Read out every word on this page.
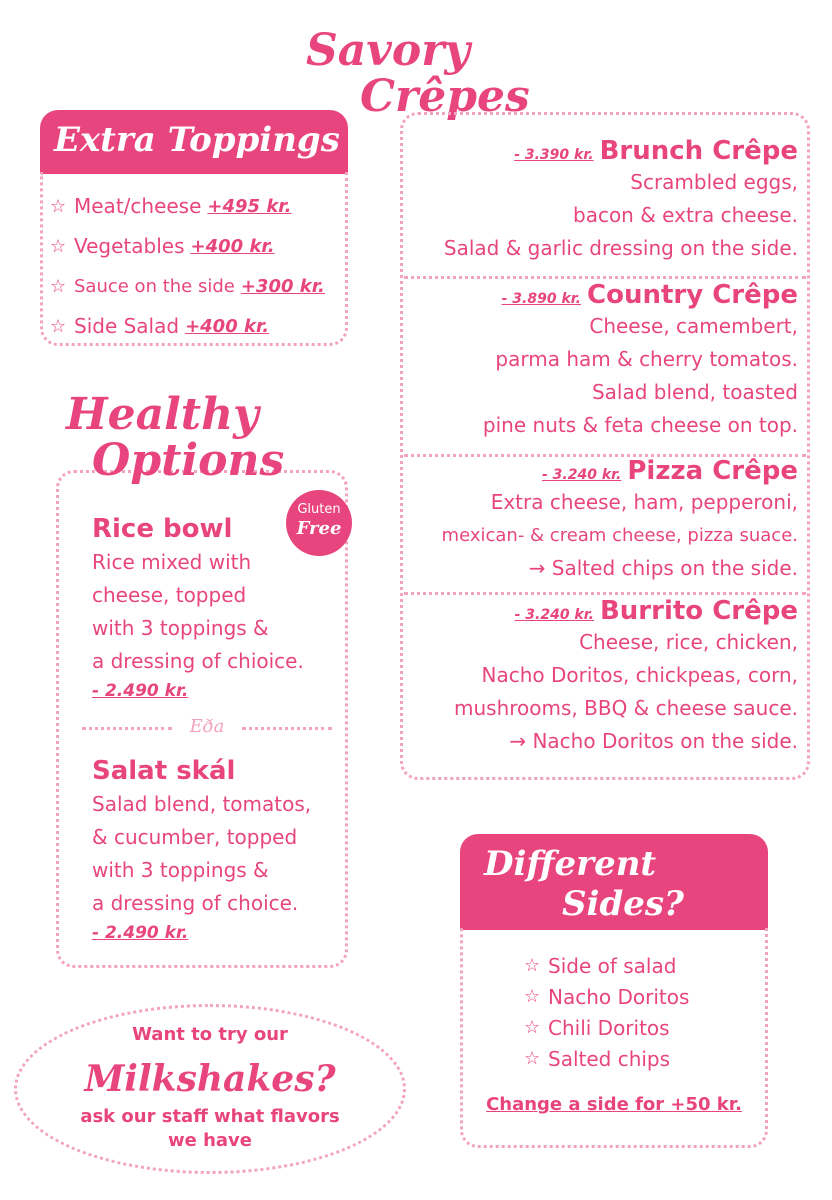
Savory
Crêpes
Extra Toppings
☆ Meat/cheese +495 kr.
☆ Vegetables +400 kr.
☆ Sauce on the side +300 kr.
☆ Side Salad +400 kr.
- 3.390 kr. Brunch Crêpe
Scrambled eggs,
bacon & extra cheese.
Salad & garlic dressing on the side.
- 3.890 kr. Country Crêpe
Cheese, camembert,
parma ham & cherry tomatos.
Salad blend, toasted
pine nuts & feta cheese on top.
- 3.240 kr. Pizza Crêpe
Extra cheese, ham, pepperoni,
mexican- & cream cheese, pizza suace.
→ Salted chips on the side.
- 3.240 kr. Burrito Crêpe
Cheese, rice, chicken,
Nacho Doritos, chickpeas, corn,
mushrooms, BBQ & cheese sauce.
→ Nacho Doritos on the side.
Healthy
Options
Gluten
Free
Rice bowl
Rice mixed with
cheese, topped
with 3 toppings &
a dressing of chioice.
- 2.490 kr.
Eða
Salat skál
Salad blend, tomatos,
& cucumber, topped
with 3 toppings &
a dressing of choice.
- 2.490 kr.
Want to try our
Milkshakes?
ask our staff what flavors
we have
Different
Sides?
☆ Side of salad
☆ Nacho Doritos
☆ Chili Doritos
☆ Salted chips
Change a side for +50 kr.
